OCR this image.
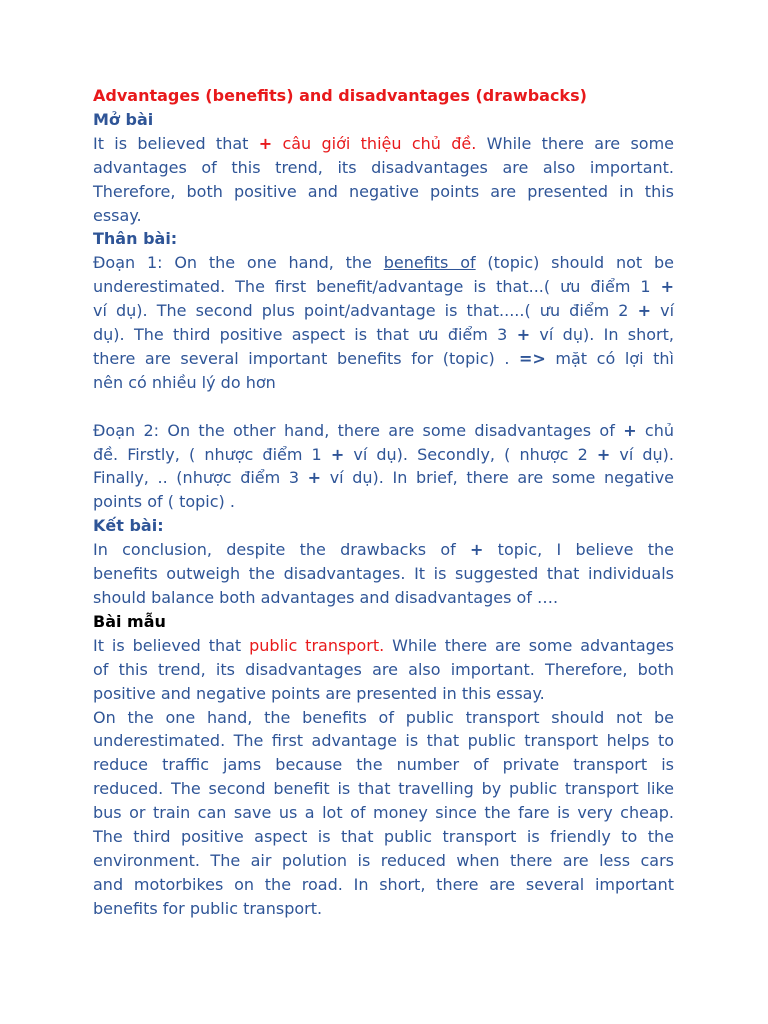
Advantages (benefits) and disadvantages (drawbacks)
Mở bài
It is believed that + câu giới thiệu chủ đề. While there are some
advantages of this trend, its disadvantages are also important.
Therefore, both positive and negative points are presented in this
essay.
Thân bài:
Đoạn 1: On the one hand, the benefits of (topic) should not be
underestimated. The first benefit/advantage is that...( ưu điểm 1 +
ví dụ). The second plus point/advantage is that.....( ưu điểm 2 + ví
dụ). The third positive aspect is that ưu điểm 3 + ví dụ). In short,
there are several important benefits for (topic) . => mặt có lợi thì
nên có nhiều lý do hơn
Đoạn 2: On the other hand, there are some disadvantages of + chủ
đề. Firstly, ( nhược điểm 1 + ví dụ). Secondly, ( nhược 2 + ví dụ).
Finally, .. (nhược điểm 3 + ví dụ). In brief, there are some negative
points of ( topic) .
Kết bài:
In conclusion, despite the drawbacks of + topic, I believe the
benefits outweigh the disadvantages. It is suggested that individuals
should balance both advantages and disadvantages of ….
Bài mẫu
It is believed that public transport. While there are some advantages
of this trend, its disadvantages are also important. Therefore, both
positive and negative points are presented in this essay.
On the one hand, the benefits of public transport should not be
underestimated. The first advantage is that public transport helps to
reduce traffic jams because the number of private transport is
reduced. The second benefit is that travelling by public transport like
bus or train can save us a lot of money since the fare is very cheap.
The third positive aspect is that public transport is friendly to the
environment. The air polution is reduced when there are less cars
and motorbikes on the road. In short, there are several important
benefits for public transport.
